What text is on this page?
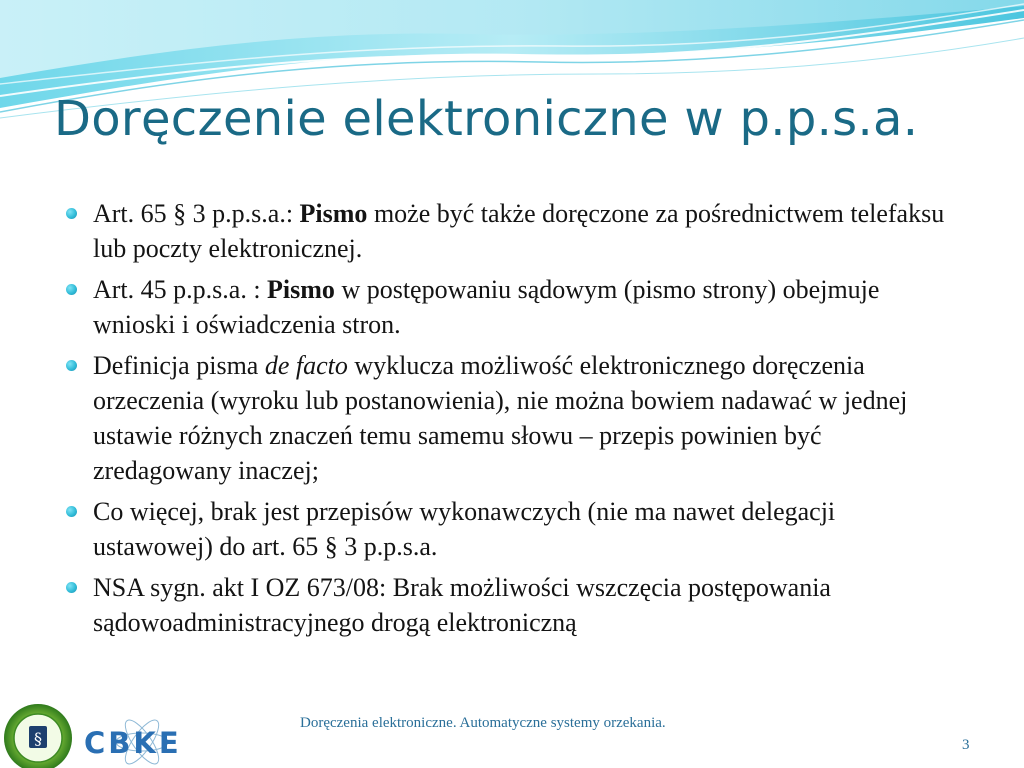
Doręczenie elektroniczne w p.p.s.a.
Art. 65 § 3 p.p.s.a.: Pismo może być także doręczone za pośrednictwem telefaksu lub poczty elektronicznej.
Art. 45 p.p.s.a. : Pismo w postępowaniu sądowym (pismo strony) obejmuje wnioski i oświadczenia stron.
Definicja pisma de facto wyklucza możliwość elektronicznego doręczenia orzeczenia (wyroku lub postanowienia), nie można bowiem nadawać w jednej ustawie różnych znaczeń temu samemu słowu – przepis powinien być zredagowany inaczej;
Co więcej, brak jest przepisów wykonawczych (nie ma nawet delegacji ustawowej) do art. 65 § 3 p.p.s.a.
NSA sygn. akt I OZ 673/08: Brak możliwości wszczęcia postępowania sądowoadministracyjnego drogą elektroniczną
§ CBKE
Doręczenia elektroniczne. Automatyczne systemy orzekania.
3
